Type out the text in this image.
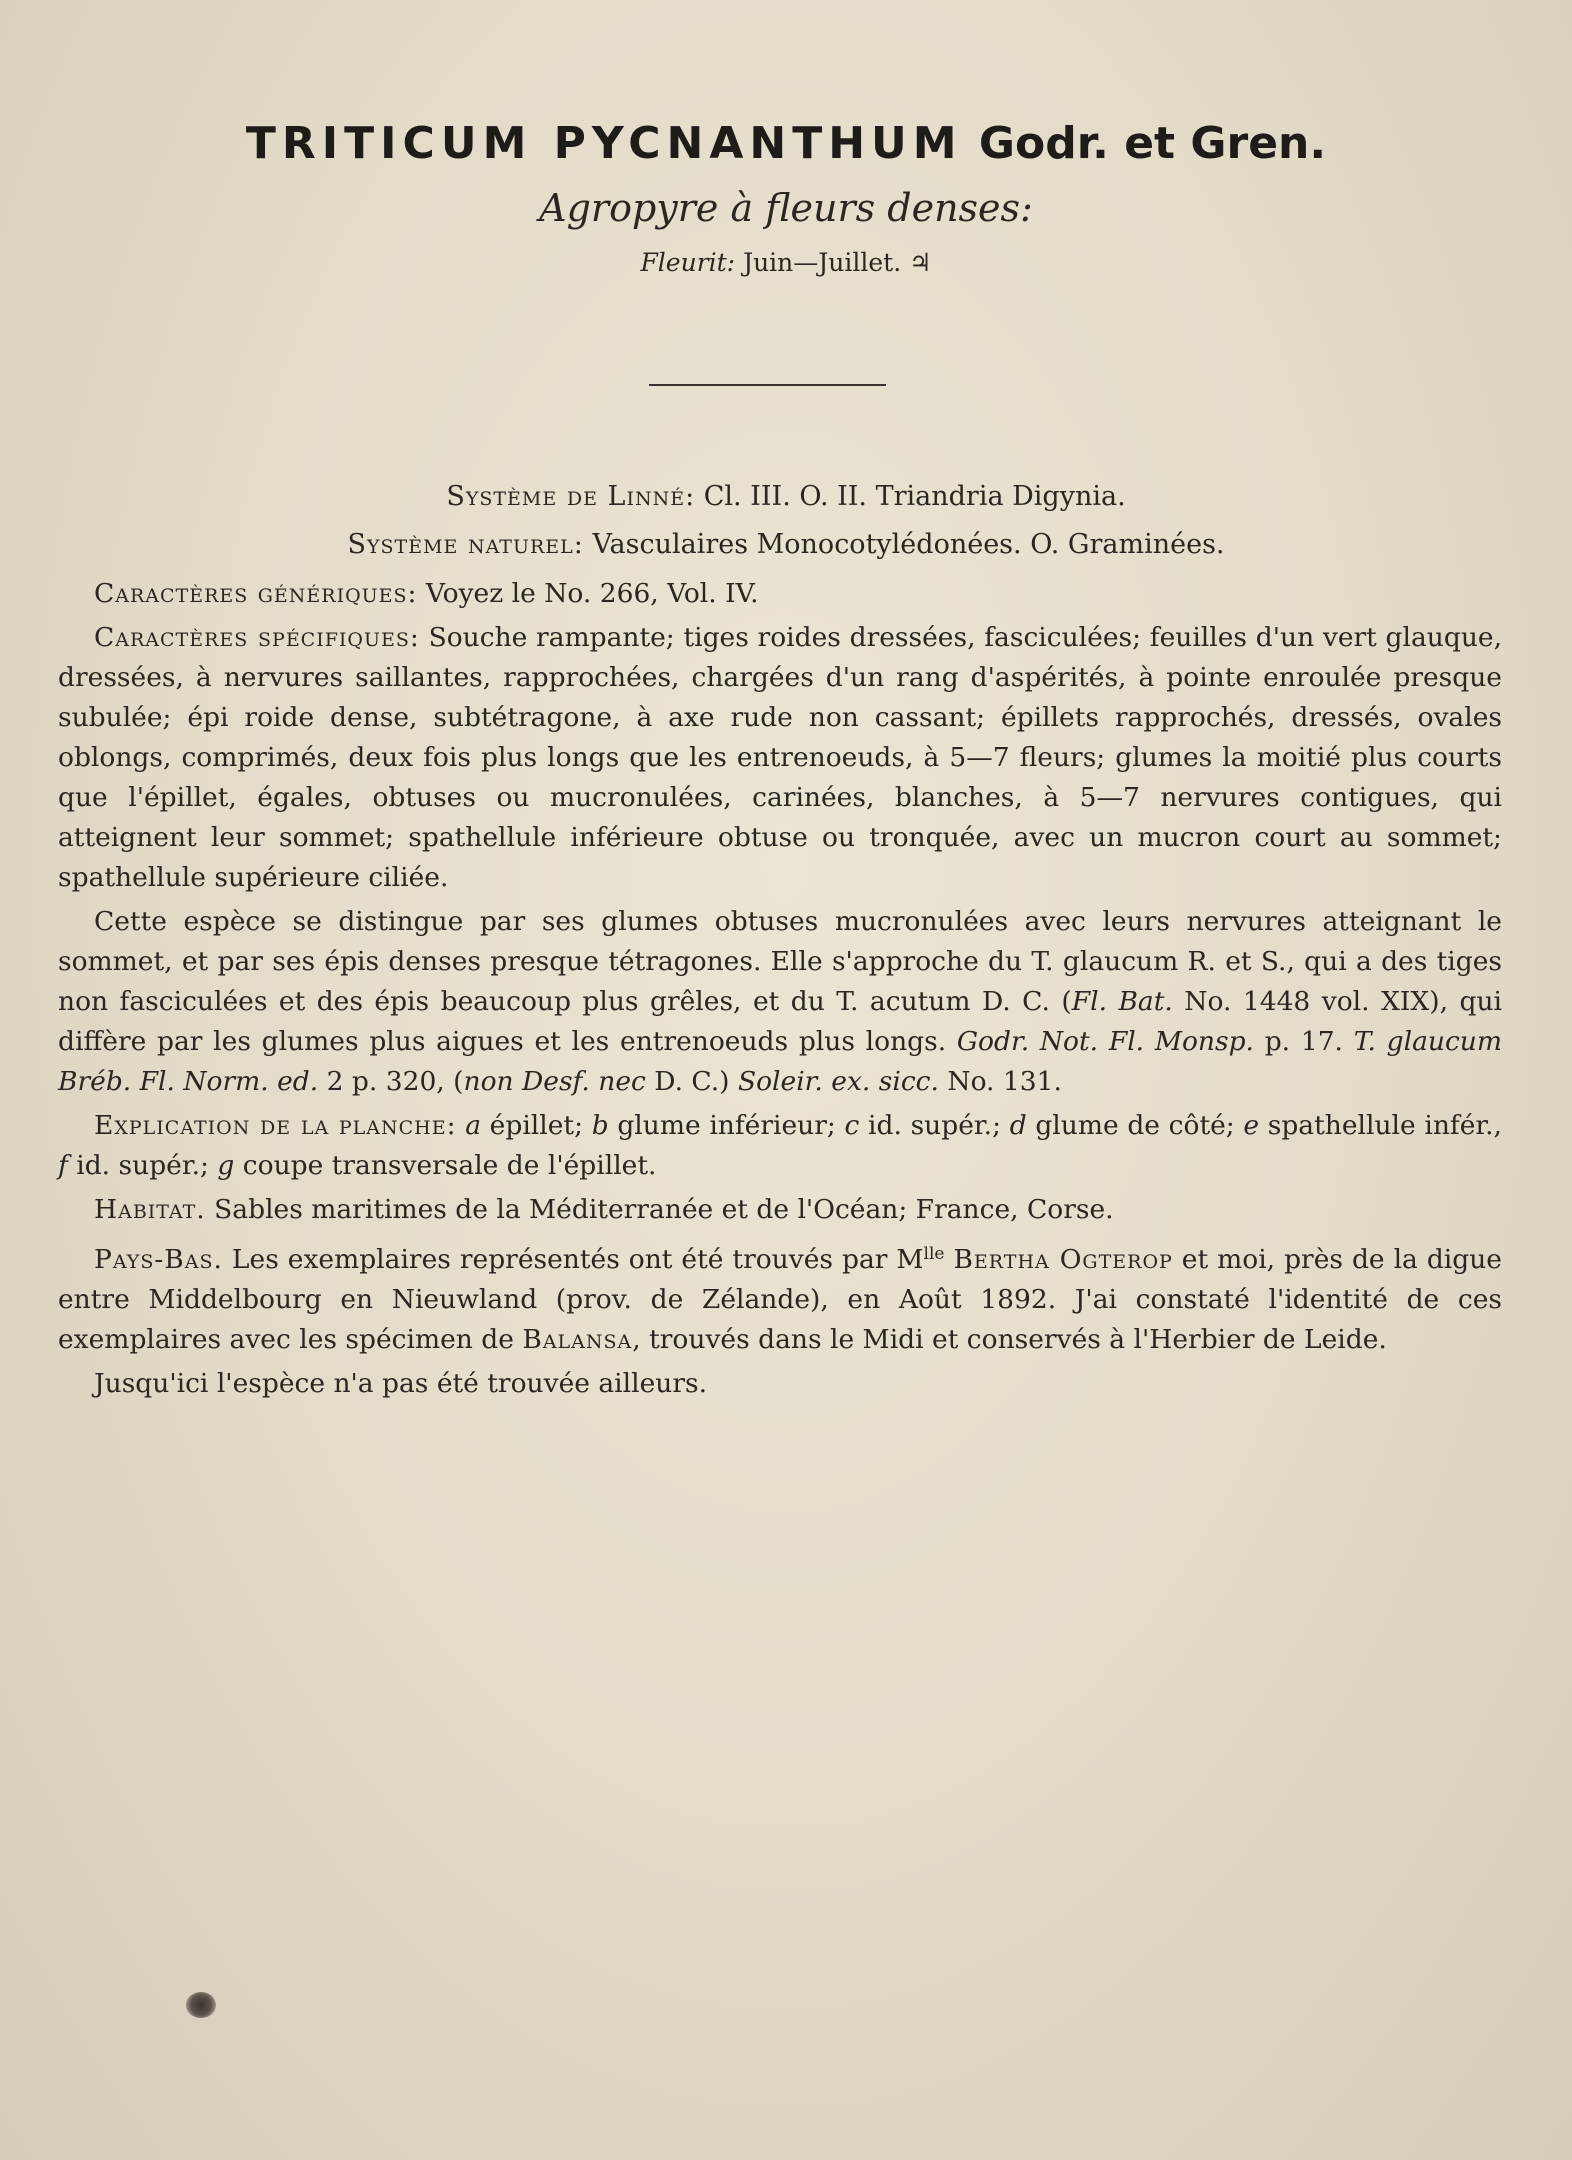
TRITICUM PYCNANTHUM Godr. et Gren.
Agropyre à fleurs denses:
Fleurit: Juin—Juillet. ♃
Système de Linné: Cl. III. O. II. Triandria Digynia.
Système naturel: Vasculaires Monocotylédonées. O. Graminées.

Caractères génériques: Voyez le No. 266, Vol. IV.

Caractères spécifiques: Souche rampante; tiges roides dressées, fasciculées; feuilles d'un vert glauque, dressées, à nervures saillantes, rapprochées, chargées d'un rang d'aspérités, à pointe enroulée presque subulée; épi roide dense, subtétragone, à axe rude non cassant; épillets rapprochés, dressés, ovales oblongs, comprimés, deux fois plus longs que les entrenoeuds, à 5—7 fleurs; glumes la moitié plus courts que l'épillet, égales, obtuses ou mucronulées, carinées, blanches, à 5—7 nervures contigues, qui atteignent leur sommet; spathellule inférieure obtuse ou tronquée, avec un mucron court au sommet; spathellule supérieure ciliée.

Cette espèce se distingue par ses glumes obtuses mucronulées avec leurs nervures atteignant le sommet, et par ses épis denses presque tétragones. Elle s'approche du T. glaucum R. et S., qui a des tiges non fasciculées et des épis beaucoup plus grêles, et du T. acutum D. C. (Fl. Bat. No. 1448 vol. XIX), qui diffère par les glumes plus aigues et les entrenoeuds plus longs. Godr. Not. Fl. Monsp. p. 17. T. glaucum Bréb. Fl. Norm. ed. 2 p. 320, (non Desf. nec D. C.) Soleir. ex. sicc. No. 131.

Explication de la planche: a épillet; b glume inférieur; c id. supér.; d glume de côté; e spathellule infér., f id. supér.; g coupe transversale de l'épillet.

Habitat. Sables maritimes de la Méditerranée et de l'Océan; France, Corse.

Pays-Bas. Les exemplaires représentés ont été trouvés par $M^{lle}$ Bertha Ogterop et moi, près de la digue entre Middelbourg en Nieuwland (prov. de Zélande), en Août 1892. J'ai constaté l'identité de ces exemplaires avec les spécimen de Balansa, trouvés dans le Midi et conservés à l'Herbier de Leide.

Jusqu'ici l'espèce n'a pas été trouvée ailleurs.
